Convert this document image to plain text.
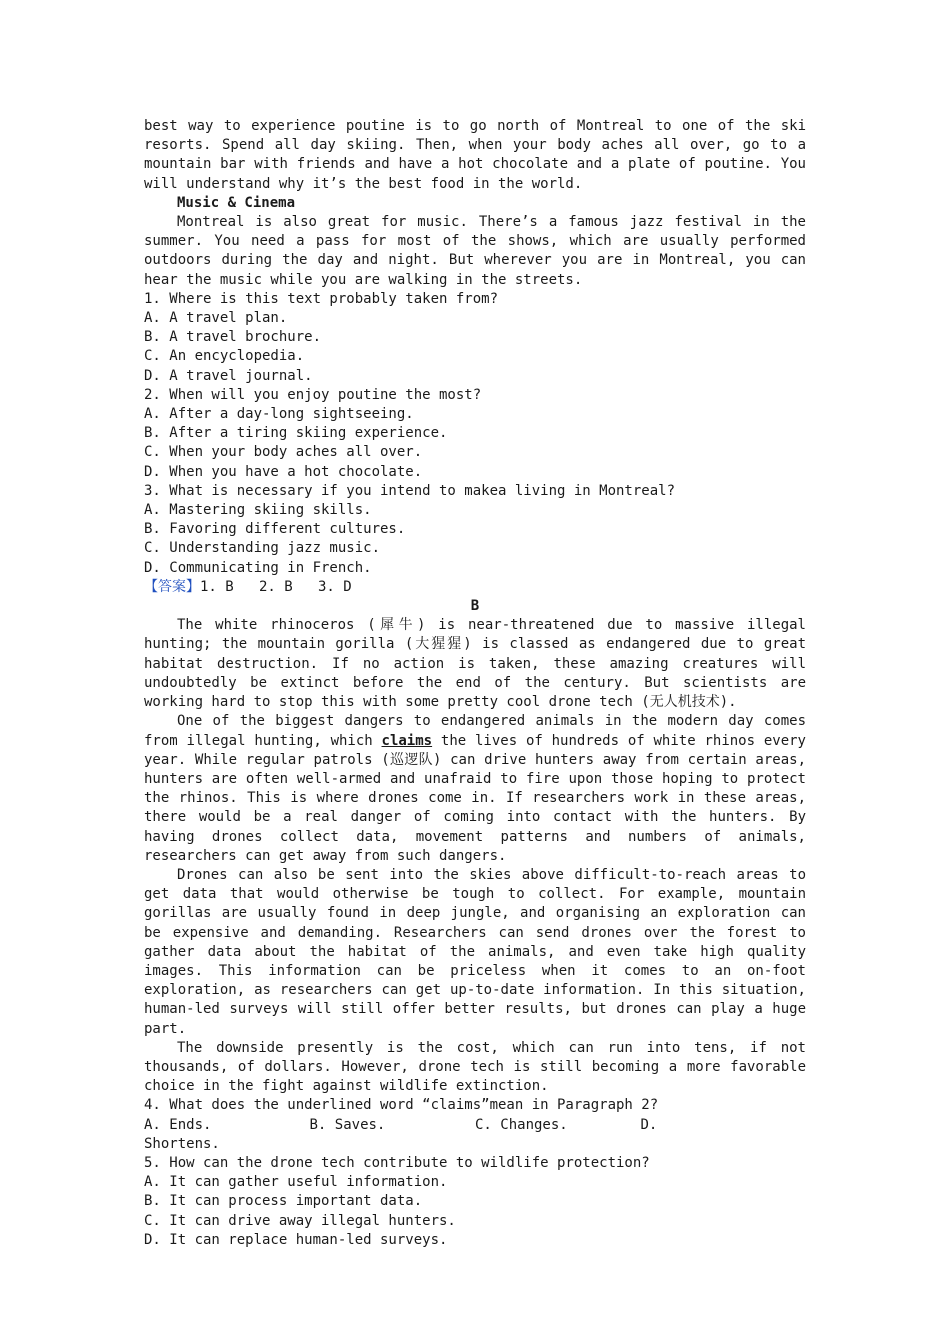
best way to experience poutine is to go north of Montreal to one of the ski resorts. Spend all day skiing. Then, when your body aches all over, go to a mountain bar with friends and have a hot chocolate and a plate of poutine. You will understand why it’s the best food in the world.

Music & Cinema

Montreal is also great for music. There’s a famous jazz festival in the summer. You need a pass for most of the shows, which are usually performed outdoors during the day and night. But wherever you are in Montreal, you can hear the music while you are walking in the streets.

1. Where is this text probably taken from?

A. A travel plan.

B. A travel brochure.

C. An encyclopedia.

D. A travel journal.

2. When will you enjoy poutine the most?

A. After a day-long sightseeing.

B. After a tiring skiing experience.

C. When your body aches all over.

D. When you have a hot chocolate.

3. What is necessary if you intend to makea living in Montreal?

A. Mastering skiing skills.

B. Favoring different cultures.

C. Understanding jazz music.

D. Communicating in French.

【答案】1. B   2. B   3. D

B

The white rhinoceros (犀牛) is near-threatened due to massive illegal hunting; the mountain gorilla (大猩猩) is classed as endangered due to great habitat destruction. If no action is taken, these amazing creatures will undoubtedly be extinct before the end of the century. But scientists are working hard to stop this with some pretty cool drone tech (无人机技术).

One of the biggest dangers to endangered animals in the modern day comes from illegal hunting, which claims the lives of hundreds of white rhinos every year. While regular patrols (巡逻队) can drive hunters away from certain areas, hunters are often well-armed and unafraid to fire upon those hoping to protect the rhinos. This is where drones come in. If researchers work in these areas, there would be a real danger of coming into contact with the hunters. By having drones collect data, movement patterns and numbers of animals, researchers can get away from such dangers.

Drones can also be sent into the skies above difficult-to-reach areas to get data that would otherwise be tough to collect. For example, mountain gorillas are usually found in deep jungle, and organising an exploration can be expensive and demanding. Researchers can send drones over the forest to gather data about the habitat of the animals, and even take high quality images. This information can be priceless when it comes to an on-foot exploration, as researchers can get up-to-date information. In this situation, human-led surveys will still offer better results, but drones can play a huge part.

The downside presently is the cost, which can run into tens, if not thousands, of dollars. However, drone tech is still becoming a more favorable choice in the fight against wildlife extinction.

4. What does the underlined word “claims”mean in Paragraph 2?

A. Ends.	B. Saves.	C. Changes.	D.

Shortens.

5. How can the drone tech contribute to wildlife protection?

A. It can gather useful information.

B. It can process important data.

C. It can drive away illegal hunters.

D. It can replace human-led surveys.
